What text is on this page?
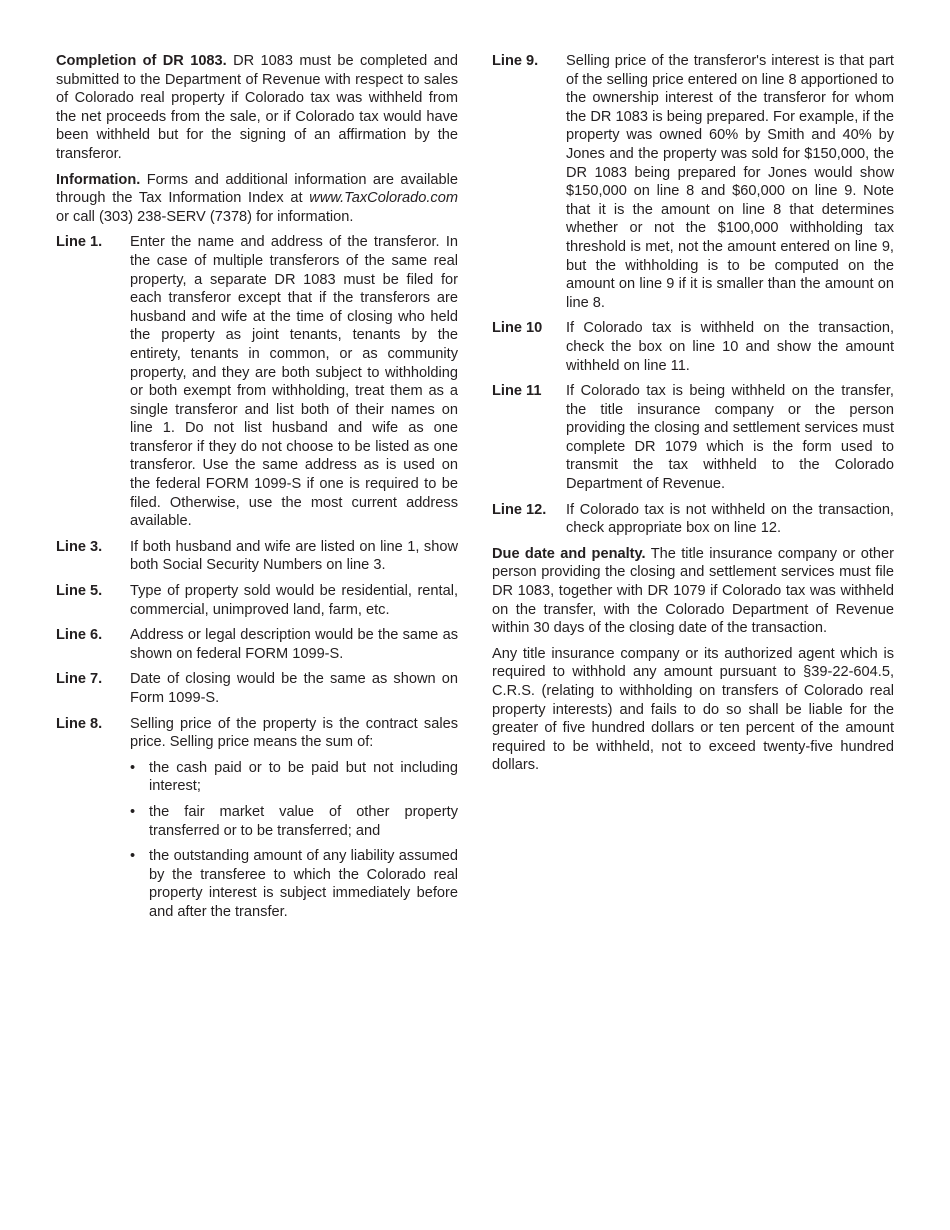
Completion of DR 1083. DR 1083 must be completed and submitted to the Department of Revenue with respect to sales of Colorado real property if Colorado tax was withheld from the net proceeds from the sale, or if Colorado tax would have been withheld but for the signing of an affirmation by the transferor.

Information. Forms and additional information are available through the Tax Information Index at www.TaxColorado.com or call (303) 238-SERV (7378) for information.

Line 1.	Enter the name and address of the transferor. In the case of multiple transferors of the same real property, a separate DR 1083 must be filed for each transferor except that if the transferors are husband and wife at the time of closing who held the property as joint tenants, tenants by the entirety, tenants in common, or as community property, and they are both subject to withholding or both exempt from withholding, treat them as a single transferor and list both of their names on line 1. Do not list husband and wife as one transferor if they do not choose to be listed as one transferor. Use the same address as is used on the federal FORM 1099-S if one is required to be filed. Otherwise, use the most current address available.
Line 3.	If both husband and wife are listed on line 1, show both Social Security Numbers on line 3.
Line 5.	Type of property sold would be residential, rental, commercial, unimproved land, farm, etc.
Line 6.	Address or legal description would be the same as shown on federal FORM 1099-S.
Line 7.	Date of closing would be the same as shown on Form 1099-S.
Line 8.	Selling price of the property is the contract sales price. Selling price means the sum of:
• the cash paid or to be paid but not including interest;
• the fair market value of other property transferred or to be transferred; and
• the outstanding amount of any liability assumed by the transferee to which the Colorado real property interest is subject immediately before and after the transfer.
Line 9.	Selling price of the transferor's interest is that part of the selling price entered on line 8 apportioned to the ownership interest of the transferor for whom the DR 1083 is being prepared. For example, if the property was owned 60% by Smith and 40% by Jones and the property was sold for $150,000, the DR 1083 being prepared for Jones would show $150,000 on line 8 and $60,000 on line 9. Note that it is the amount on line 8 that determines whether or not the $100,000 withholding tax threshold is met, not the amount entered on line 9, but the withholding is to be computed on the amount on line 9 if it is smaller than the amount on line 8.
Line 10	If Colorado tax is withheld on the transaction, check the box on line 10 and show the amount withheld on line 11.
Line 11	If Colorado tax is being withheld on the transfer, the title insurance company or the person providing the closing and settlement services must complete DR 1079 which is the form used to transmit the tax withheld to the Colorado Department of Revenue.
Line 12.	If Colorado tax is not withheld on the transaction, check appropriate box on line 12.

Due date and penalty. The title insurance company or other person providing the closing and settlement services must file DR 1083, together with DR 1079 if Colorado tax was withheld on the transfer, with the Colorado Department of Revenue within 30 days of the closing date of the transaction.

Any title insurance company or its authorized agent which is required to withhold any amount pursuant to §39-22-604.5, C.R.S. (relating to withholding on transfers of Colorado real property interests) and fails to do so shall be liable for the greater of five hundred dollars or ten percent of the amount required to be withheld, not to exceed twenty-five hundred dollars.
